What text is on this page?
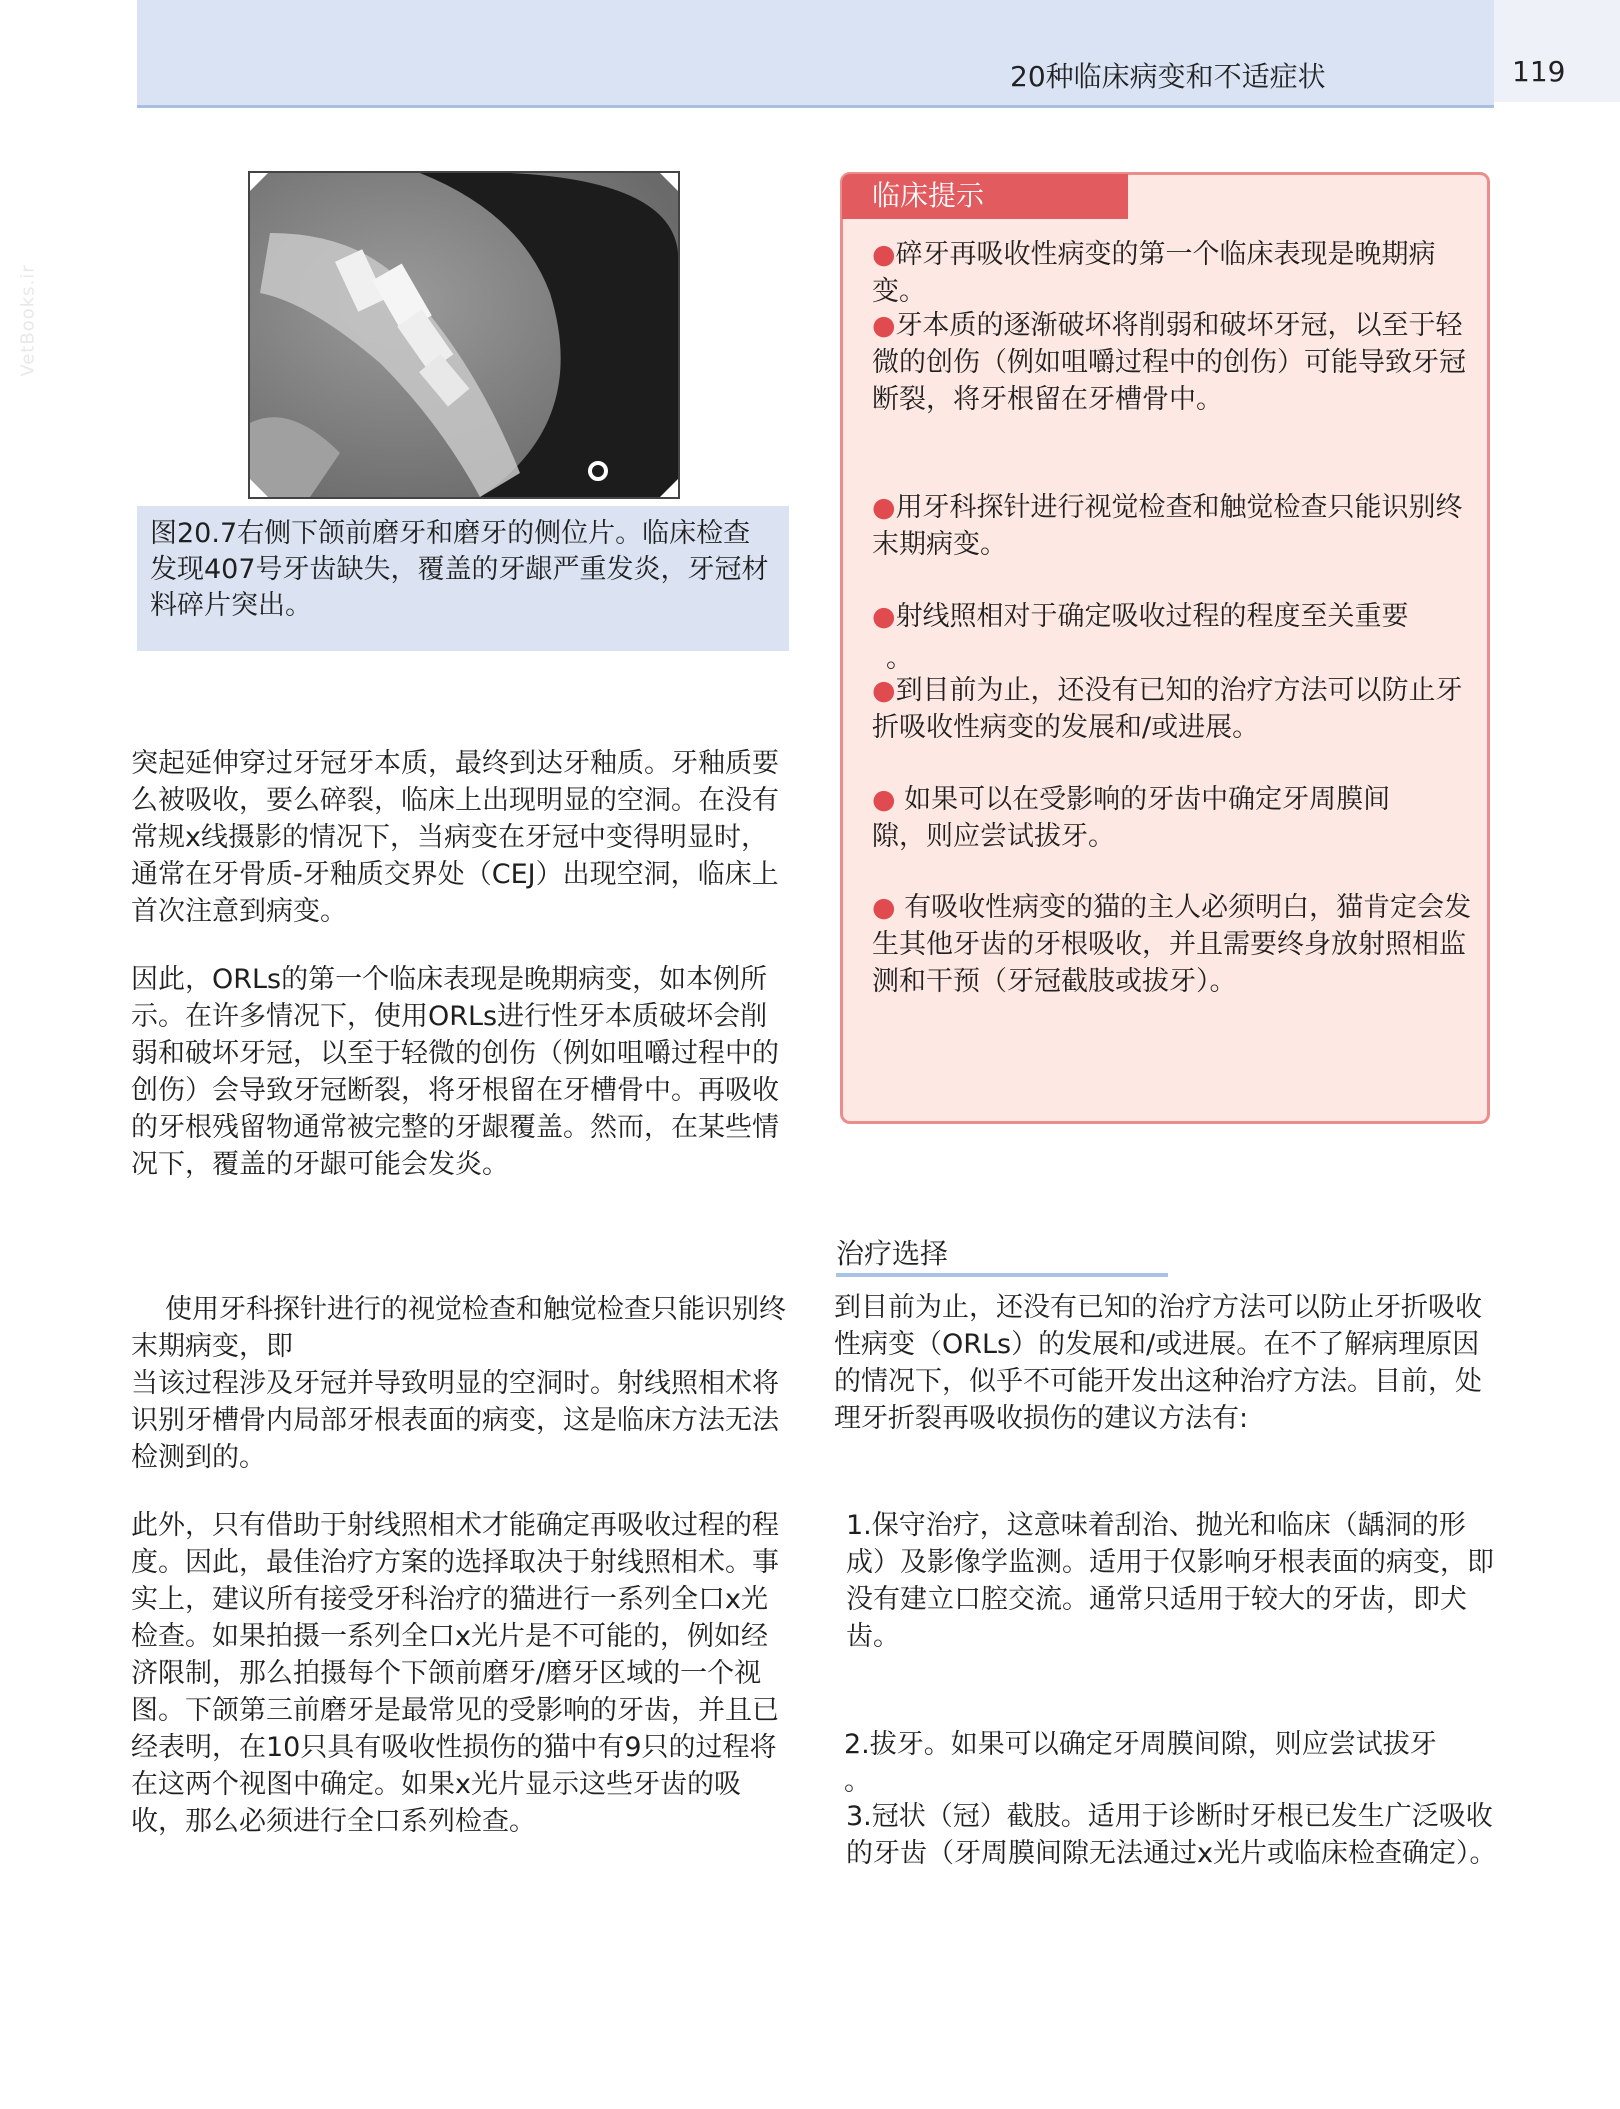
20种临床病变和不适症状	119
VetBooks.ir
图20.7右侧下颌前磨牙和磨牙的侧位片。临床检查发现407号牙齿缺失，覆盖的牙龈严重发炎，牙冠材料碎片突出。

突起延伸穿过牙冠牙本质，最终到达牙釉质。牙釉质要么被吸收，要么碎裂，临床上出现明显的空洞。在没有常规x线摄影的情况下，当病变在牙冠中变得明显时，通常在牙骨质-牙釉质交界处（CEJ）出现空洞，临床上首次注意到病变。

因此，ORLs的第一个临床表现是晚期病变，如本例所示。在许多情况下，使用ORLs进行性牙本质破坏会削弱和破坏牙冠，以至于轻微的创伤（例如咀嚼过程中的创伤）会导致牙冠断裂，将牙根留在牙槽骨中。再吸收的牙根残留物通常被完整的牙龈覆盖。然而，在某些情况下，覆盖的牙龈可能会发炎。

使用牙科探针进行的视觉检查和触觉检查只能识别终末期病变，即

当该过程涉及牙冠并导致明显的空洞时。射线照相术将识别牙槽骨内局部牙根表面的病变，这是临床方法无法检测到的。

此外，只有借助于射线照相术才能确定再吸收过程的程度。因此，最佳治疗方案的选择取决于射线照相术。事实上，建议所有接受牙科治疗的猫进行一系列全口x光检查。如果拍摄一系列全口x光片是不可能的，例如经济限制，那么拍摄每个下颌前磨牙/磨牙区域的一个视图。下颌第三前磨牙是最常见的受影响的牙齿，并且已经表明，在10只具有吸收性损伤的猫中有9只的过程将在这两个视图中确定。如果x光片显示这些牙齿的吸收，那么必须进行全口系列检查。

临床提示
●碎牙再吸收性病变的第一个临床表现是晚期病变。
●牙本质的逐渐破坏将削弱和破坏牙冠，以至于轻微的创伤（例如咀嚼过程中的创伤）可能导致牙冠断裂，将牙根留在牙槽骨中。
●用牙科探针进行视觉检查和触觉检查只能识别终末期病变。
●射线照相对于确定吸收过程的程度至关重要
。
●到目前为止，还没有已知的治疗方法可以防止牙折吸收性病变的发展和/或进展。
● 如果可以在受影响的牙齿中确定牙周膜间隙，则应尝试拔牙。
● 有吸收性病变的猫的主人必须明白，猫肯定会发生其他牙齿的牙根吸收，并且需要终身放射照相监测和干预（牙冠截肢或拔牙）。
治疗选择

到目前为止，还没有已知的治疗方法可以防止牙折吸收性病变（ORLs）的发展和/或进展。在不了解病理原因的情况下，似乎不可能开发出这种治疗方法。目前，处理牙折裂再吸收损伤的建议方法有:

1.保守治疗，这意味着刮治、抛光和临床（龋洞的形成）及影像学监测。适用于仅影响牙根表面的病变，即没有建立口腔交流。通常只适用于较大的牙齿，即犬齿。

2.拔牙。如果可以确定牙周膜间隙，则应尝试拔牙

。

3.冠状（冠）截肢。适用于诊断时牙根已发生广泛吸收的牙齿（牙周膜间隙无法通过x光片或临床检查确定）。
